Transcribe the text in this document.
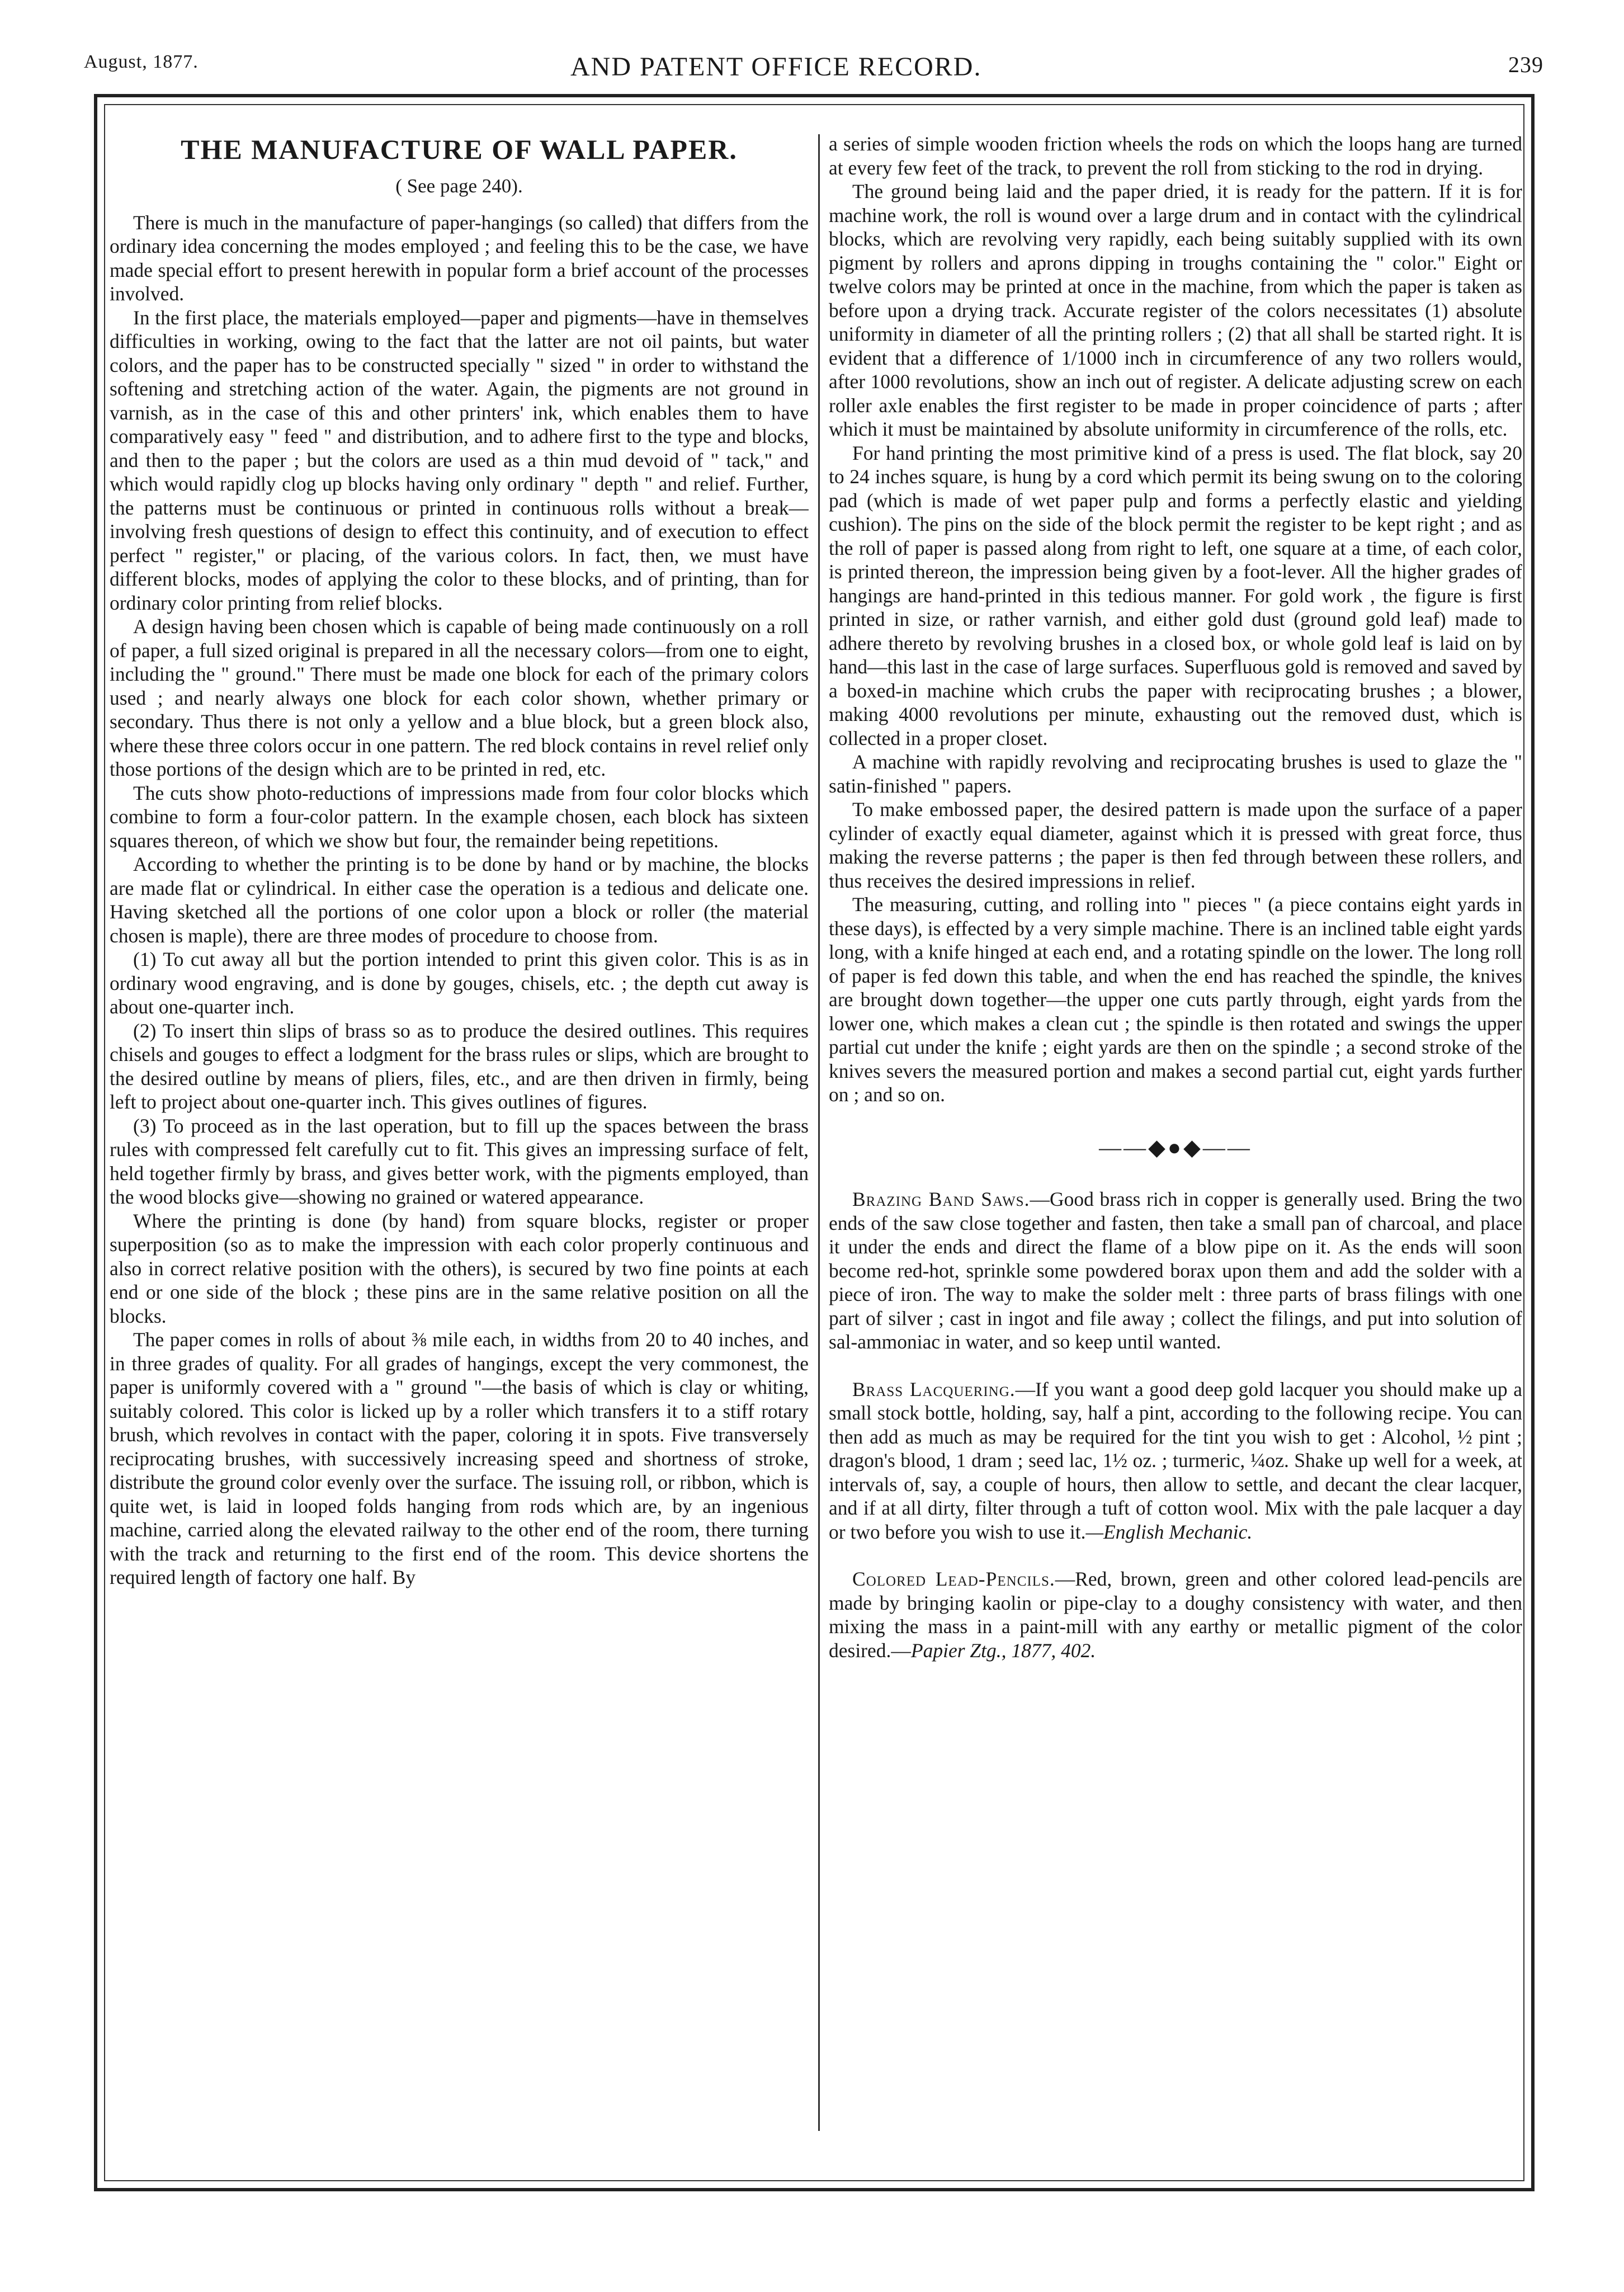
August, 1877.	AND PATENT OFFICE RECORD.	239
THE MANUFACTURE OF WALL PAPER.
( See page 240).

There is much in the manufacture of paper-hangings (so called) that differs from the ordinary idea concerning the modes employed ; and feeling this to be the case, we have made special effort to present herewith in popular form a brief account of the processes involved.

In the first place, the materials employed—paper and pigments—have in themselves difficulties in working, owing to the fact that the latter are not oil paints, but water colors, and the paper has to be constructed specially " sized " in order to withstand the softening and stretching action of the water. Again, the pigments are not ground in varnish, as in the case of this and other printers' ink, which enables them to have comparatively easy " feed " and distribution, and to adhere first to the type and blocks, and then to the paper ; but the colors are used as a thin mud devoid of " tack," and which would rapidly clog up blocks having only ordinary " depth " and relief. Further, the patterns must be continuous or printed in continuous rolls without a break—involving fresh questions of design to effect this continuity, and of execution to effect perfect " register," or placing, of the various colors. In fact, then, we must have different blocks, modes of applying the color to these blocks, and of printing, than for ordinary color printing from relief blocks.

A design having been chosen which is capable of being made continuously on a roll of paper, a full sized original is prepared in all the necessary colors—from one to eight, including the " ground." There must be made one block for each of the primary colors used ; and nearly always one block for each color shown, whether primary or secondary. Thus there is not only a yellow and a blue block, but a green block also, where these three colors occur in one pattern. The red block contains in revel relief only those portions of the design which are to be printed in red, etc.

The cuts show photo-reductions of impressions made from four color blocks which combine to form a four-color pattern. In the example chosen, each block has sixteen squares thereon, of which we show but four, the remainder being repetitions.

According to whether the printing is to be done by hand or by machine, the blocks are made flat or cylindrical. In either case the operation is a tedious and delicate one. Having sketched all the portions of one color upon a block or roller (the material chosen is maple), there are three modes of procedure to choose from.

(1) To cut away all but the portion intended to print this given color. This is as in ordinary wood engraving, and is done by gouges, chisels, etc. ; the depth cut away is about one-quarter inch.

(2) To insert thin slips of brass so as to produce the desired outlines. This requires chisels and gouges to effect a lodgment for the brass rules or slips, which are brought to the desired outline by means of pliers, files, etc., and are then driven in firmly, being left to project about one-quarter inch. This gives outlines of figures.

(3) To proceed as in the last operation, but to fill up the spaces between the brass rules with compressed felt carefully cut to fit. This gives an impressing surface of felt, held together firmly by brass, and gives better work, with the pigments employed, than the wood blocks give—showing no grained or watered appearance.

Where the printing is done (by hand) from square blocks, register or proper superposition (so as to make the impression with each color properly continuous and also in correct relative position with the others), is secured by two fine points at each end or one side of the block ; these pins are in the same relative position on all the blocks.

The paper comes in rolls of about ⅜ mile each, in widths from 20 to 40 inches, and in three grades of quality. For all grades of hangings, except the very commonest, the paper is uniformly covered with a " ground "—the basis of which is clay or whiting, suitably colored. This color is licked up by a roller which transfers it to a stiff rotary brush, which revolves in contact with the paper, coloring it in spots. Five transversely reciprocating brushes, with successively increasing speed and shortness of stroke, distribute the ground color evenly over the surface. The issuing roll, or ribbon, which is quite wet, is laid in looped folds hanging from rods which are, by an ingenious machine, carried along the elevated railway to the other end of the room, there turning with the track and returning to the first end of the room. This device shortens the required length of factory one half. By

a series of simple wooden friction wheels the rods on which the loops hang are turned at every few feet of the track, to prevent the roll from sticking to the rod in drying.

The ground being laid and the paper dried, it is ready for the pattern. If it is for machine work, the roll is wound over a large drum and in contact with the cylindrical blocks, which are revolving very rapidly, each being suitably supplied with its own pigment by rollers and aprons dipping in troughs containing the " color." Eight or twelve colors may be printed at once in the machine, from which the paper is taken as before upon a drying track. Accurate register of the colors necessitates (1) absolute uniformity in diameter of all the printing rollers ; (2) that all shall be started right. It is evident that a difference of 1/1000 inch in circumference of any two rollers would, after 1000 revolutions, show an inch out of register. A delicate adjusting screw on each roller axle enables the first register to be made in proper coincidence of parts ; after which it must be maintained by absolute uniformity in circumference of the rolls, etc.

For hand printing the most primitive kind of a press is used. The flat block, say 20 to 24 inches square, is hung by a cord which permit its being swung on to the coloring pad (which is made of wet paper pulp and forms a perfectly elastic and yielding cushion). The pins on the side of the block permit the register to be kept right ; and as the roll of paper is passed along from right to left, one square at a time, of each color, is printed thereon, the impression being given by a foot-lever. All the higher grades of hangings are hand-printed in this tedious manner. For gold work , the figure is first printed in size, or rather varnish, and either gold dust (ground gold leaf) made to adhere thereto by revolving brushes in a closed box, or whole gold leaf is laid on by hand—this last in the case of large surfaces. Superfluous gold is removed and saved by a boxed-in machine which crubs the paper with reciprocating brushes ; a blower, making 4000 revolutions per minute, exhausting out the removed dust, which is collected in a proper closet.

A machine with rapidly revolving and reciprocating brushes is used to glaze the " satin-finished " papers.

To make embossed paper, the desired pattern is made upon the surface of a paper cylinder of exactly equal diameter, against which it is pressed with great force, thus making the reverse patterns ; the paper is then fed through between these rollers, and thus receives the desired impressions in relief.

The measuring, cutting, and rolling into " pieces " (a piece contains eight yards in these days), is effected by a very simple machine. There is an inclined table eight yards long, with a knife hinged at each end, and a rotating spindle on the lower. The long roll of paper is fed down this table, and when the end has reached the spindle, the knives are brought down together—the upper one cuts partly through, eight yards from the lower one, which makes a clean cut ; the spindle is then rotated and swings the upper partial cut under the knife ; eight yards are then on the spindle ; a second stroke of the knives severs the measured portion and makes a second partial cut, eight yards further on ; and so on.

——◆●◆——

Brazing Band Saws.—Good brass rich in copper is generally used. Bring the two ends of the saw close together and fasten, then take a small pan of charcoal, and place it under the ends and direct the flame of a blow pipe on it. As the ends will soon become red-hot, sprinkle some powdered borax upon them and add the solder with a piece of iron. The way to make the solder melt : three parts of brass filings with one part of silver ; cast in ingot and file away ; collect the filings, and put into solution of sal-ammoniac in water, and so keep until wanted.

Brass Lacquering.—If you want a good deep gold lacquer you should make up a small stock bottle, holding, say, half a pint, according to the following recipe. You can then add as much as may be required for the tint you wish to get : Alcohol, ½ pint ; dragon's blood, 1 dram ; seed lac, 1½ oz. ; turmeric, ¼oz. Shake up well for a week, at intervals of, say, a couple of hours, then allow to settle, and decant the clear lacquer, and if at all dirty, filter through a tuft of cotton wool. Mix with the pale lacquer a day or two before you wish to use it.—English Mechanic.

Colored Lead-Pencils.—Red, brown, green and other colored lead-pencils are made by bringing kaolin or pipe-clay to a doughy consistency with water, and then mixing the mass in a paint-mill with any earthy or metallic pigment of the color desired.—Papier Ztg., 1877, 402.
